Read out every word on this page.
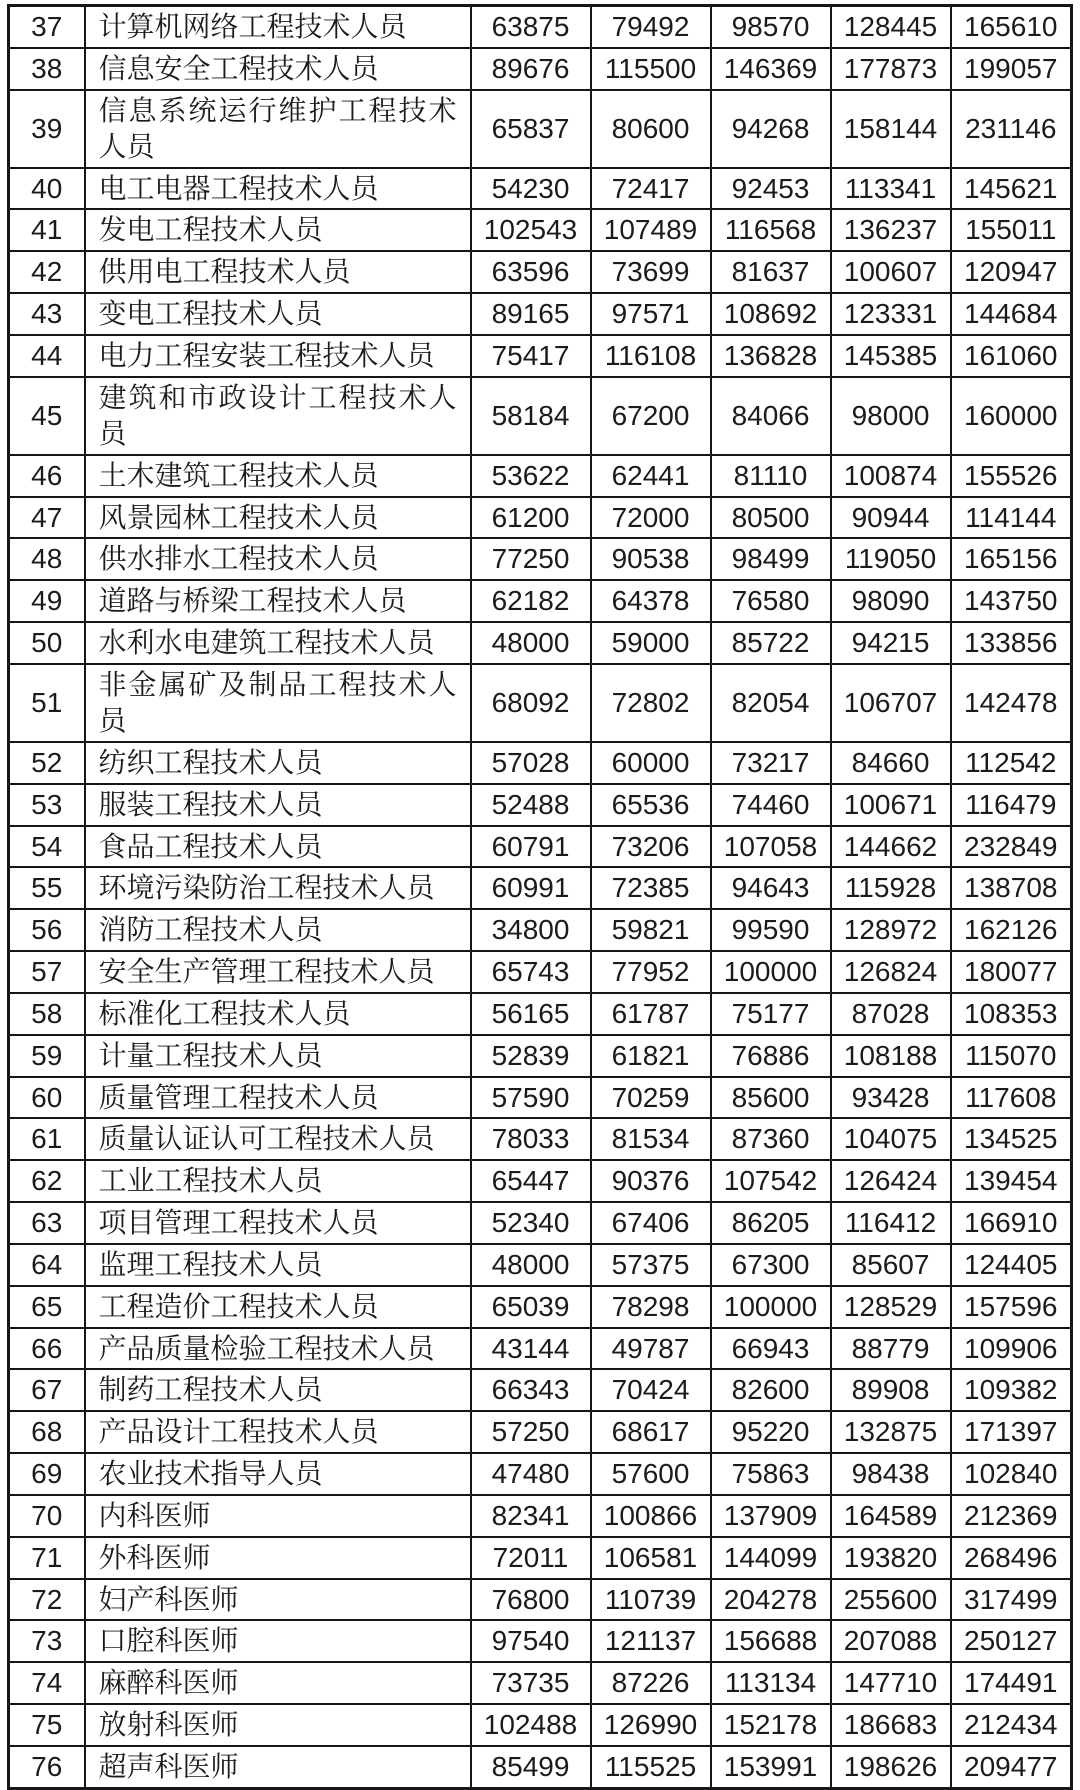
37	计算机网络工程技术人员	63875	79492	98570	128445	165610
38	信息安全工程技术人员	89676	115500	146369	177873	199057
39	信息系统运行维护工程技术人员	65837	80600	94268	158144	231146
40	电工电器工程技术人员	54230	72417	92453	113341	145621
41	发电工程技术人员	102543	107489	116568	136237	155011
42	供用电工程技术人员	63596	73699	81637	100607	120947
43	变电工程技术人员	89165	97571	108692	123331	144684
44	电力工程安装工程技术人员	75417	116108	136828	145385	161060
45	建筑和市政设计工程技术人员	58184	67200	84066	98000	160000
46	土木建筑工程技术人员	53622	62441	81110	100874	155526
47	风景园林工程技术人员	61200	72000	80500	90944	114144
48	供水排水工程技术人员	77250	90538	98499	119050	165156
49	道路与桥梁工程技术人员	62182	64378	76580	98090	143750
50	水利水电建筑工程技术人员	48000	59000	85722	94215	133856
51	非金属矿及制品工程技术人员	68092	72802	82054	106707	142478
52	纺织工程技术人员	57028	60000	73217	84660	112542
53	服装工程技术人员	52488	65536	74460	100671	116479
54	食品工程技术人员	60791	73206	107058	144662	232849
55	环境污染防治工程技术人员	60991	72385	94643	115928	138708
56	消防工程技术人员	34800	59821	99590	128972	162126
57	安全生产管理工程技术人员	65743	77952	100000	126824	180077
58	标准化工程技术人员	56165	61787	75177	87028	108353
59	计量工程技术人员	52839	61821	76886	108188	115070
60	质量管理工程技术人员	57590	70259	85600	93428	117608
61	质量认证认可工程技术人员	78033	81534	87360	104075	134525
62	工业工程技术人员	65447	90376	107542	126424	139454
63	项目管理工程技术人员	52340	67406	86205	116412	166910
64	监理工程技术人员	48000	57375	67300	85607	124405
65	工程造价工程技术人员	65039	78298	100000	128529	157596
66	产品质量检验工程技术人员	43144	49787	66943	88779	109906
67	制药工程技术人员	66343	70424	82600	89908	109382
68	产品设计工程技术人员	57250	68617	95220	132875	171397
69	农业技术指导人员	47480	57600	75863	98438	102840
70	内科医师	82341	100866	137909	164589	212369
71	外科医师	72011	106581	144099	193820	268496
72	妇产科医师	76800	110739	204278	255600	317499
73	口腔科医师	97540	121137	156688	207088	250127
74	麻醉科医师	73735	87226	113134	147710	174491
75	放射科医师	102488	126990	152178	186683	212434
76	超声科医师	85499	115525	153991	198626	209477
